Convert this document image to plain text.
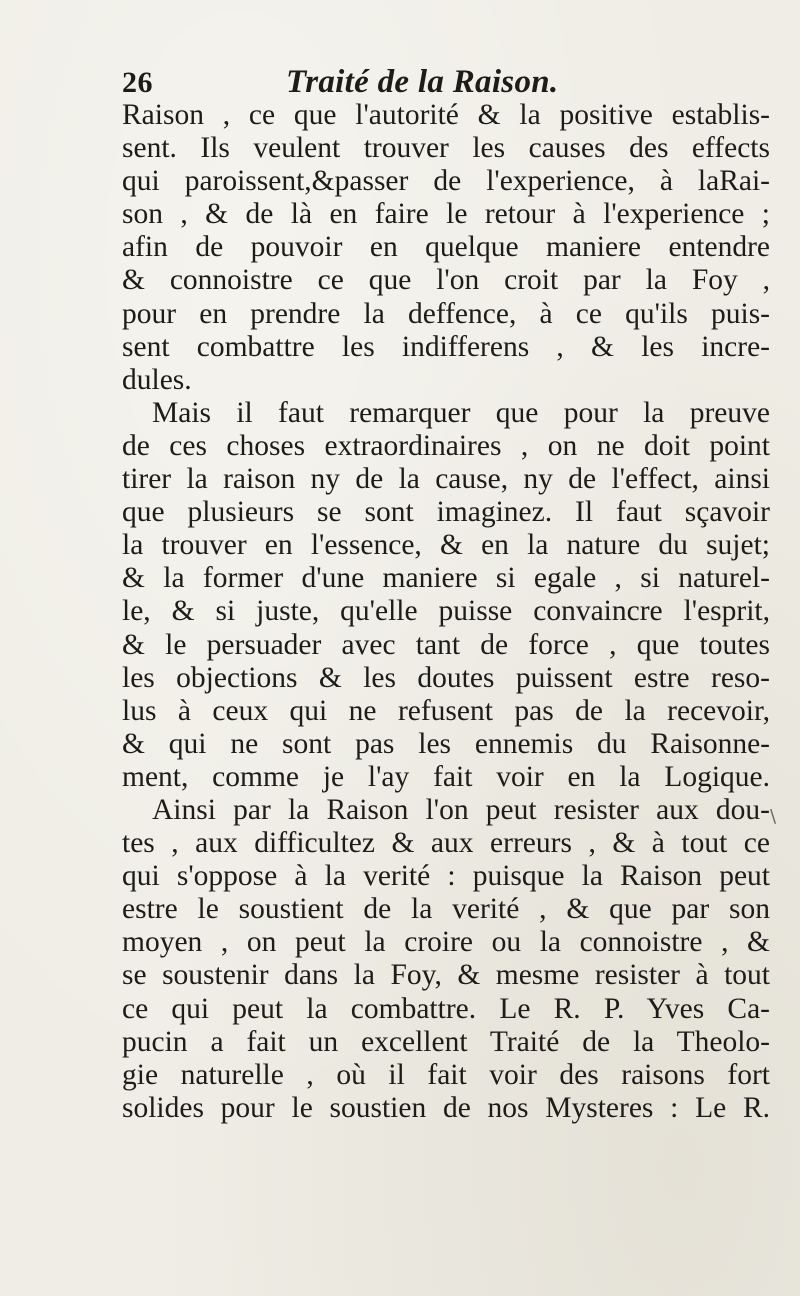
26	Traité de la Raison.
Raison , ce que l'autorité & la positive establis-
sent. Ils veulent trouver les causes des effects
qui paroissent,&passer de l'experience, à laRai-
son , & de là en faire le retour à l'experience ;
afin de pouvoir en quelque maniere entendre
& connoistre ce que l'on croit par la Foy ,
pour en prendre la deffence, à ce qu'ils puis-
sent combattre les indifferens , & les incre-
dules.
Mais il faut remarquer que pour la preuve
de ces choses extraordinaires , on ne doit point
tirer la raison ny de la cause, ny de l'effect, ainsi
que plusieurs se sont imaginez. Il faut sçavoir
la trouver en l'essence, & en la nature du sujet;
& la former d'une maniere si egale , si naturel-
le, & si juste, qu'elle puisse convaincre l'esprit,
& le persuader avec tant de force , que toutes
les objections & les doutes puissent estre reso-
lus à ceux qui ne refusent pas de la recevoir,
& qui ne sont pas les ennemis du Raisonne-
ment, comme je l'ay fait voir en la Logique.
Ainsi par la Raison l'on peut resister aux dou-
tes , aux difficultez & aux erreurs , & à tout ce
qui s'oppose à la verité : puisque la Raison peut
estre le soustient de la verité , & que par son
moyen , on peut la croire ou la connoistre , &
se soustenir dans la Foy, & mesme resister à tout
ce qui peut la combattre. Le R. P. Yves Ca-
pucin a fait un excellent Traité de la Theolo-
gie naturelle , où il fait voir des raisons fort
solides pour le soustien de nos Mysteres : Le R.
\
